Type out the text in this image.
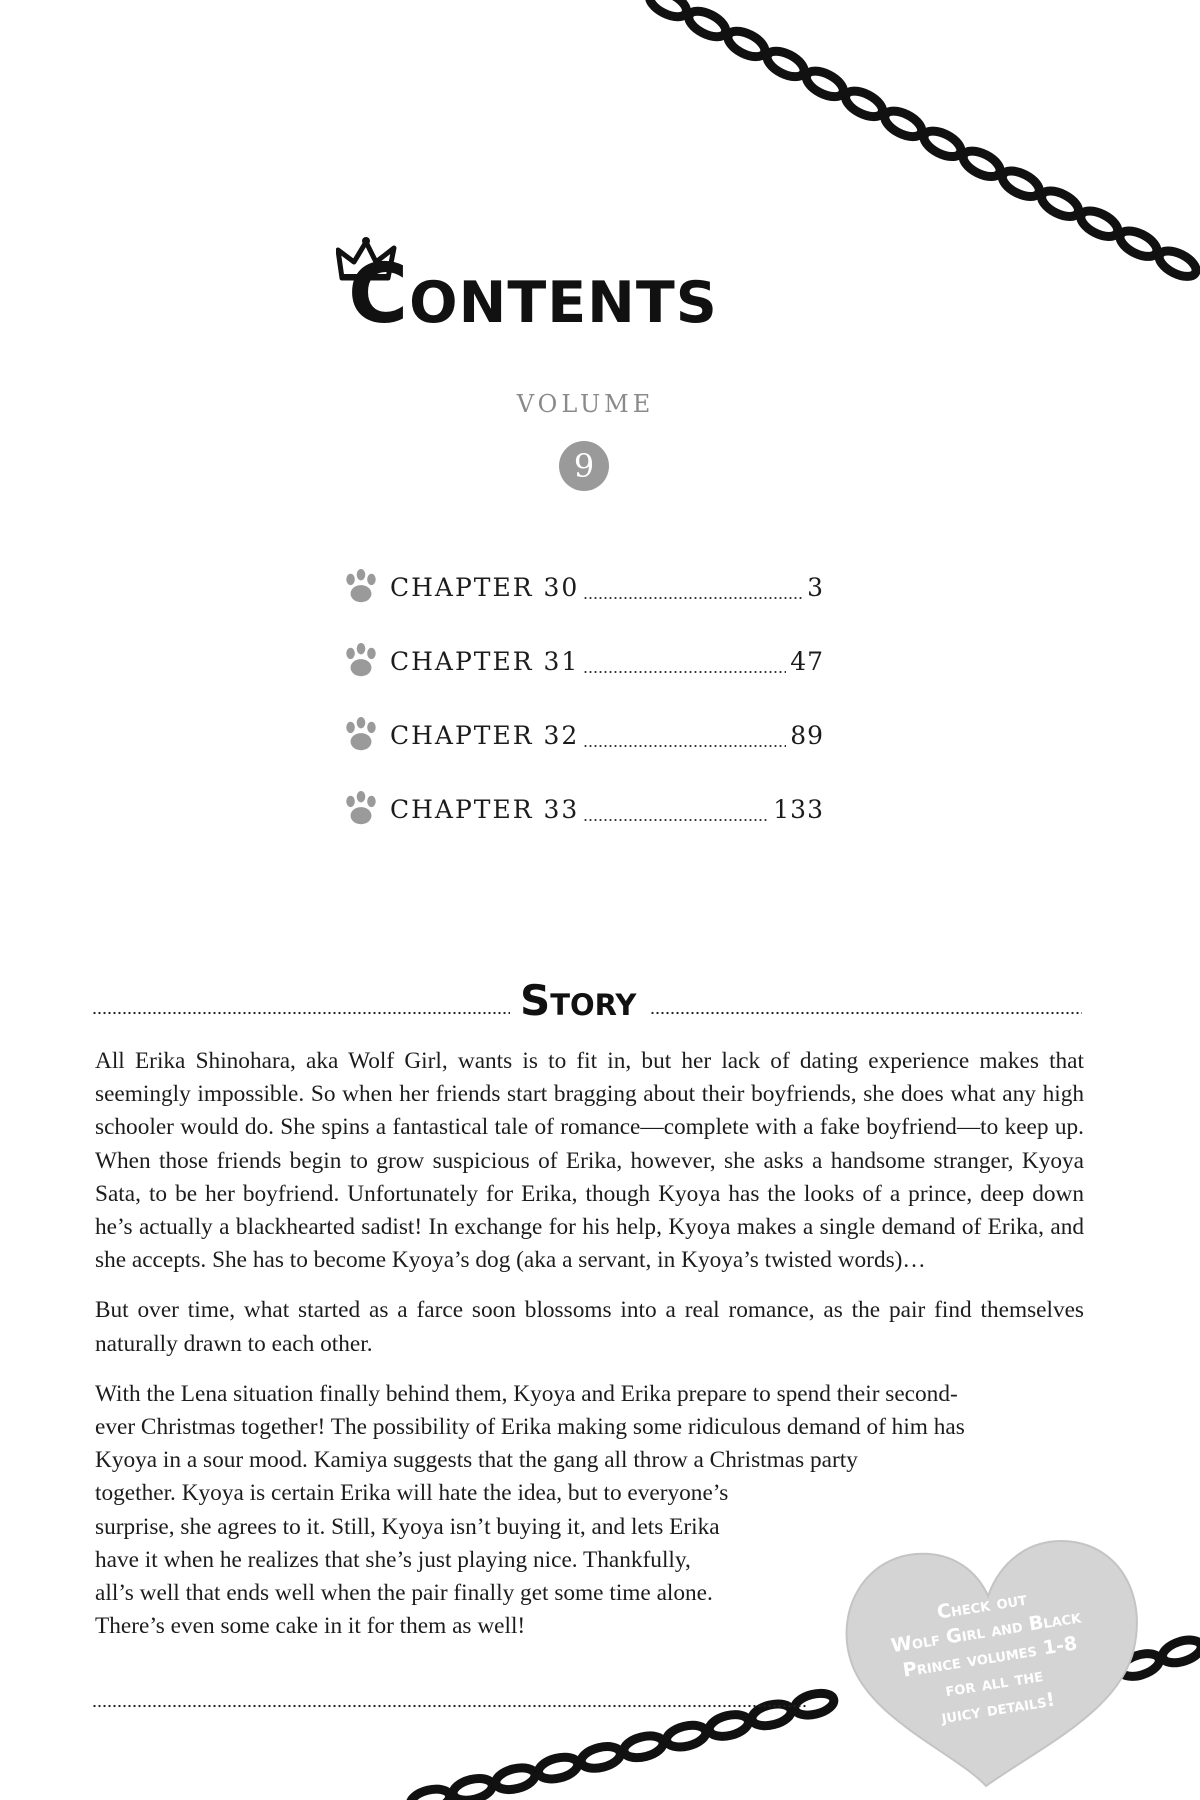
Contents
VOLUME
9
CHAPTER 30	3
CHAPTER 31	47
CHAPTER 32	89
CHAPTER 33	133
Story

All Erika Shinohara, aka Wolf Girl, wants is to fit in, but her lack of dating experience makes that seemingly impossible. So when her friends start bragging about their boyfriends, she does what any high schooler would do. She spins a fantastical tale of romance—complete with a fake boyfriend—to keep up. When those friends begin to grow suspicious of Erika, however, she asks a handsome stranger, Kyoya Sata, to be her boyfriend. Unfortunately for Erika, though Kyoya has the looks of a prince, deep down he’s actually a blackhearted sadist! In exchange for his help, Kyoya makes a single demand of Erika, and she accepts. She has to become Kyoya’s dog (aka a servant, in Kyoya’s twisted words)…

But over time, what started as a farce soon blossoms into a real romance, as the pair find themselves naturally drawn to each other.

With the Lena situation finally behind them, Kyoya and Erika prepare to spend their second-
ever Christmas together! The possibility of Erika making some ridiculous demand of him has
Kyoya in a sour mood. Kamiya suggests that the gang all throw a Christmas party
together. Kyoya is certain Erika will hate the idea, but to everyone’s
surprise, she agrees to it. Still, Kyoya isn’t buying it, and lets Erika
have it when he realizes that she’s just playing nice. Thankfully,
all’s well that ends well when the pair finally get some time alone.
There’s even some cake in it for them as well!

Check out
Wolf Girl and Black
Prince volumes 1-8
for all the
juicy details!
